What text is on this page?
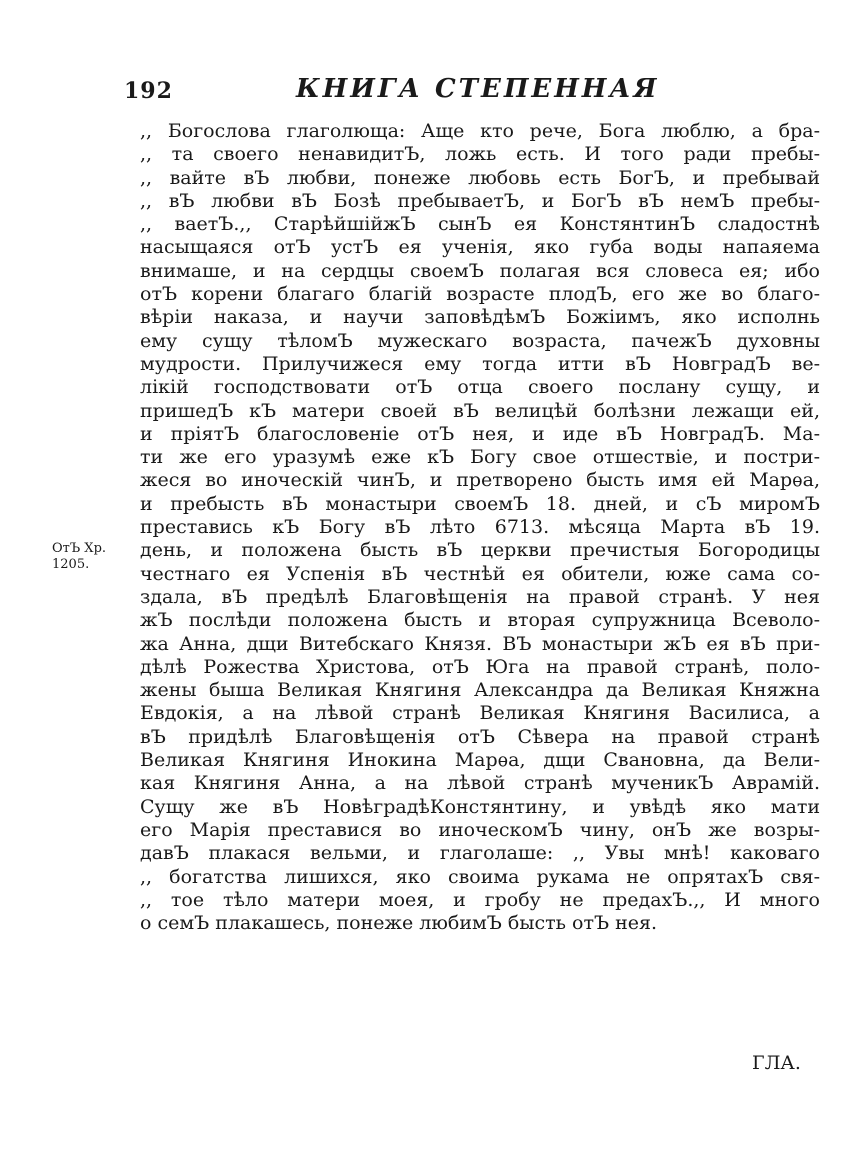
192	КНИГА СТЕПЕННАЯ
,, Богослова глаголюща: Аще кто рече, Бога люблю, а бра-
,, та своего ненавидитЪ, ложь есть. И того ради пребы-
,, вайте вЪ любви, понеже любовь есть БогЪ, и пребывай
,, вЪ любви вЪ Бозѣ пребываетЪ, и БогЪ вЪ немЪ пребы-
,, ваетЪ.,, СтарѣйшійжЪ сынЪ ея КонстянтинЪ сладостнѣ
насыщаяся отЪ устЪ ея ученія, яко губа воды напаяема
внимаше, и на сердцы своемЪ полагая вся словеса ея; ибо
отЪ корени благаго благій возрасте плодЪ, его же во благо-
вѣріи наказа, и научи заповѣдѣмЪ Божіимъ, яко исполнь
ему сущу тѣломЪ мужескаго возраста, пачежЪ духовны
мудрости. Прилучижеся ему тогда итти вЪ НовградЪ ве-
лікій господствовати отЪ отца своего послану сущу, и
пришедЪ кЪ матери своей вЪ велицѣй болѣзни лежащи ей,
и пріятЪ благословеніе отЪ нея, и иде вЪ НовградЪ. Ма-
ти же его уразумѣ еже кЪ Богу свое отшествіе, и постри-
жеся во иноческій чинЪ, и претворено бысть имя ей Марѳа,
и пребысть вЪ монастыри своемЪ 18. дней, и сЪ миромЪ
преставись кЪ Богу вЪ лѣто 6713. мѣсяца Марта вЪ 19.
день, и положена бысть вЪ церкви пречистыя Богородицы
честнаго ея Успенія вЪ честнѣй ея обители, юже сама со-
здала, вЪ предѣлѣ Благовѣщенія на правой странѣ. У нея
жЪ послѣди положена бысть и вторая супружница Всеволо-
жа Анна, дщи Витебскаго Князя. ВЪ монастыри жЪ ея вЪ при-
дѣлѣ Рожества Христова, отЪ Юга на правой странѣ, поло-
жены быша Великая Княгиня Александра да Великая Княжна
Евдокія, а на лѣвой странѣ Великая Княгиня Василиса, а
вЪ придѣлѣ Благовѣщенія отЪ Сѣвера на правой странѣ
Великая Княгиня Инокина Марѳа, дщи Свановна, да Вели-
кая Княгиня Анна, а на лѣвой странѣ мученикЪ Аврамій.
Сущу же вЪ НовѣградѣКонстянтину, и увѣдѣ яко мати
его Марія преставися во иноческомЪ чину, онЪ же возры-
давЪ плакася вельми, и глаголаше: ,, Увы мнѣ! каковаго
,, богатства лишихся, яко своима рукама не опрятахЪ свя-
,, тое тѣло матери моея, и гробу не предахЪ.,, И много
о семЪ плакашесь, понеже любимЪ бысть отЪ нея.
ОтЪ Хр.
1205.
ГЛА.
